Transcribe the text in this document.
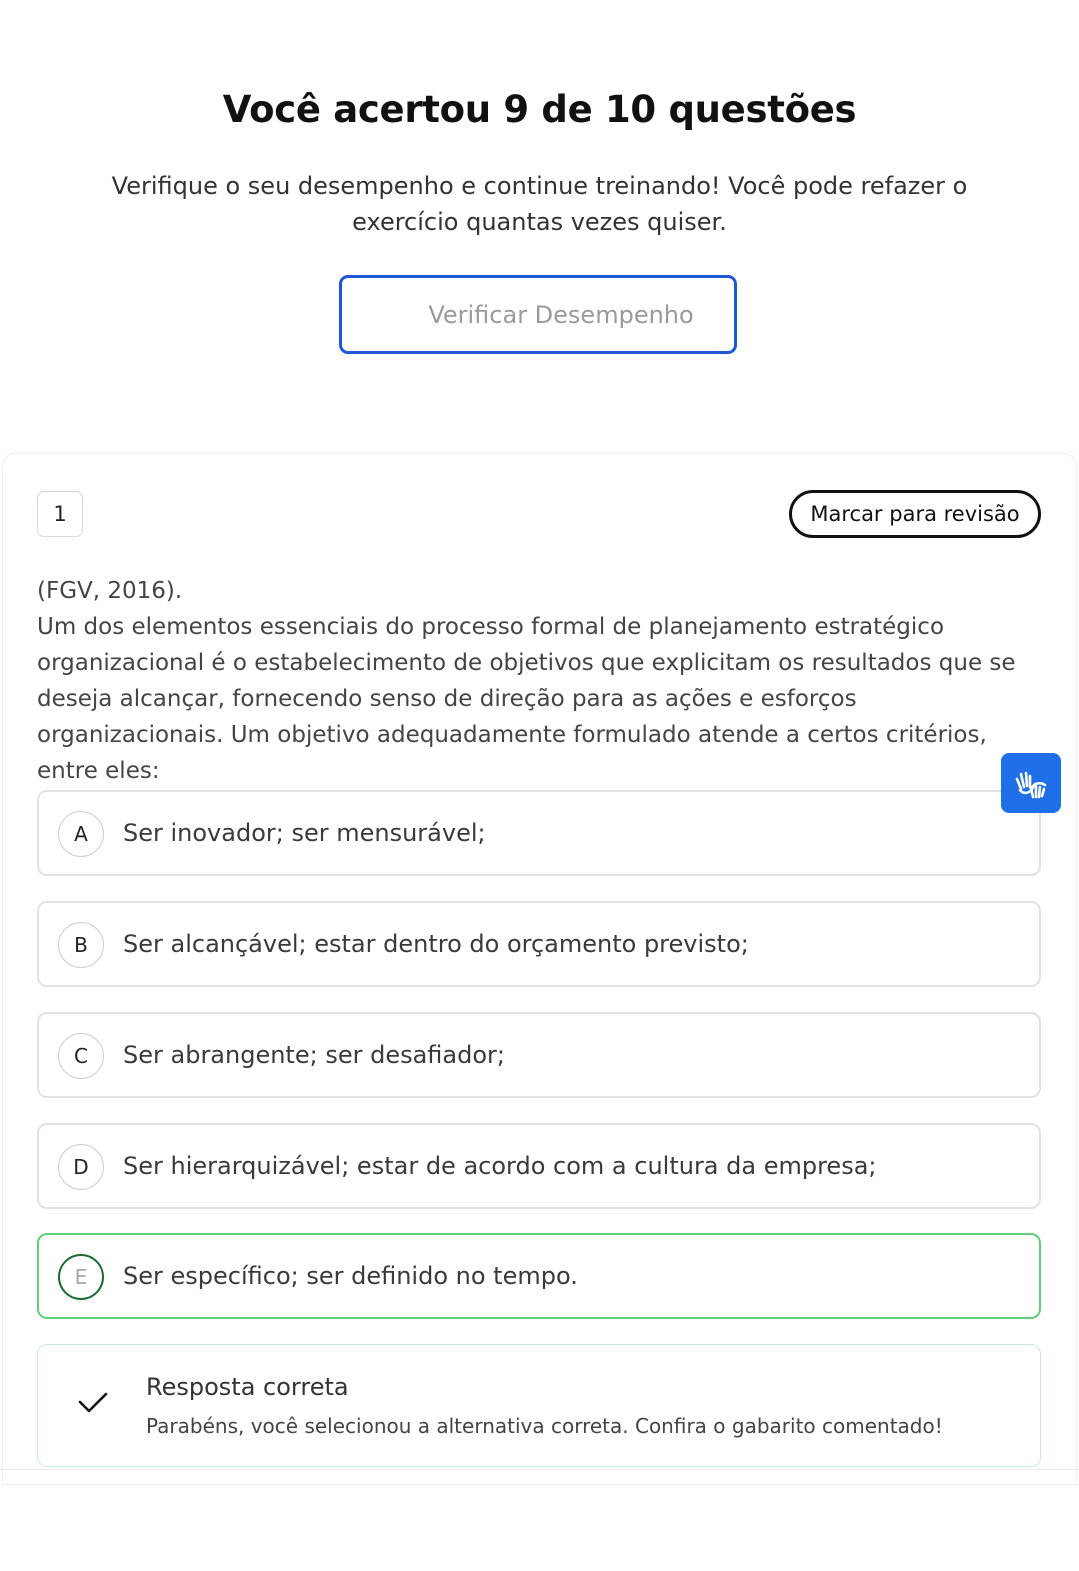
Você acertou 9 de 10 questões
Verifique o seu desempenho e continue treinando! Você pode refazer o exercício quantas vezes quiser.
Verificar Desempenho
1	Marcar para revisão

(FGV, 2016).

Um dos elementos essenciais do processo formal de planejamento estratégico organizacional é o estabelecimento de objetivos que explicitam os resultados que se deseja alcançar, fornecendo senso de direção para as ações e esforços organizacionais. Um objetivo adequadamente formulado atende a certos critérios, entre eles:

A	Ser inovador; ser mensurável;
B	Ser alcançável; estar dentro do orçamento previsto;
C	Ser abrangente; ser desafiador;
D	Ser hierarquizável; estar de acordo com a cultura da empresa;
E	Ser específico; ser definido no tempo.
Resposta correta
Parabéns, você selecionou a alternativa correta. Confira o gabarito comentado!
